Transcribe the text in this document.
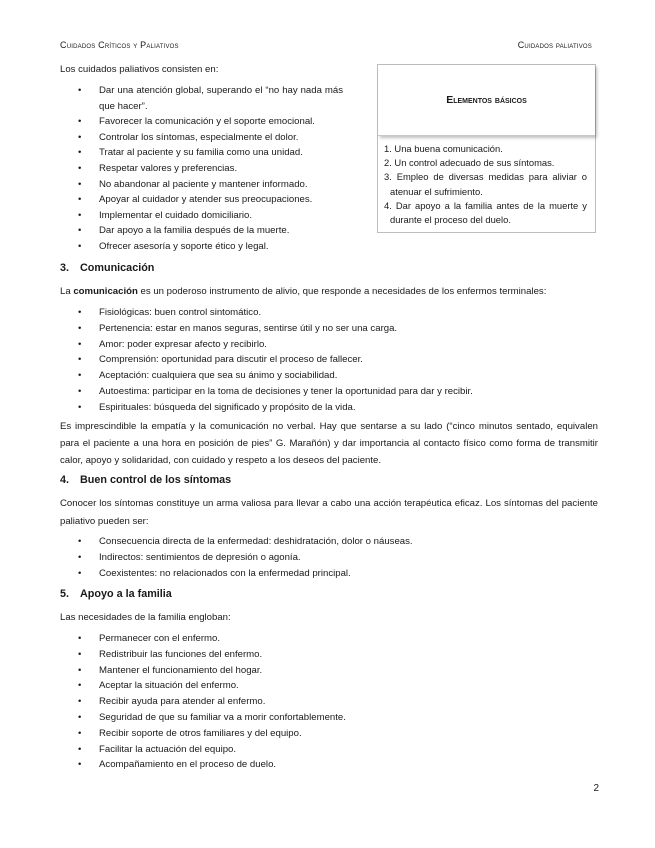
Cuidados Críticos y Paliativos	Cuidados paliativos
Los cuidados paliativos consisten en:
• Dar una atención global, superando el “no hay nada más que hacer”.
• Favorecer la comunicación y el soporte emocional.
• Controlar los síntomas, especialmente el dolor.
• Tratar al paciente y su familia como una unidad.
• Respetar valores y preferencias.
• No abandonar al paciente y mantener informado.
• Apoyar al cuidador y atender sus preocupaciones.
• Implementar el cuidado domiciliario.
• Dar apoyo a la familia después de la muerte.
• Ofrecer asesoría y soporte ético y legal.
Elementos básicos
1. Una buena comunicación.
2. Un control adecuado de sus síntomas.
3. Empleo de diversas medidas para aliviar o atenuar el sufrimiento.
4. Dar apoyo a la familia antes de la muerte y durante el proceso del duelo.
3. Comunicación

La comunicación es un poderoso instrumento de alivio, que responde a necesidades de los enfermos terminales:

• Fisiológicas: buen control sintomático.
• Pertenencia: estar en manos seguras, sentirse útil y no ser una carga.
• Amor: poder expresar afecto y recibirlo.
• Comprensión: oportunidad para discutir el proceso de fallecer.
• Aceptación: cualquiera que sea su ánimo y sociabilidad.
• Autoestima: participar en la toma de decisiones y tener la oportunidad para dar y recibir.
• Espirituales: búsqueda del significado y propósito de la vida.

Es imprescindible la empatía y la comunicación no verbal. Hay que sentarse a su lado (“cinco minutos sentado, equivalen para el paciente a una hora en posición de pies” G. Marañón) y dar importancia al contacto físico como forma de transmitir calor, apoyo y solidaridad, con cuidado y respeto a los deseos del paciente.

4. Buen control de los síntomas

Conocer los síntomas constituye un arma valiosa para llevar a cabo una acción terapéutica eficaz. Los síntomas del paciente paliativo pueden ser:

• Consecuencia directa de la enfermedad: deshidratación, dolor o náuseas.
• Indirectos: sentimientos de depresión o agonía.
• Coexistentes: no relacionados con la enfermedad principal.
5. Apoyo a la familia

Las necesidades de la familia engloban:

• Permanecer con el enfermo.
• Redistribuir las funciones del enfermo.
• Mantener el funcionamiento del hogar.
• Aceptar la situación del enfermo.
• Recibir ayuda para atender al enfermo.
• Seguridad de que su familiar va a morir confortablemente.
• Recibir soporte de otros familiares y del equipo.
• Facilitar la actuación del equipo.
• Acompañamiento en el proceso de duelo.
2
